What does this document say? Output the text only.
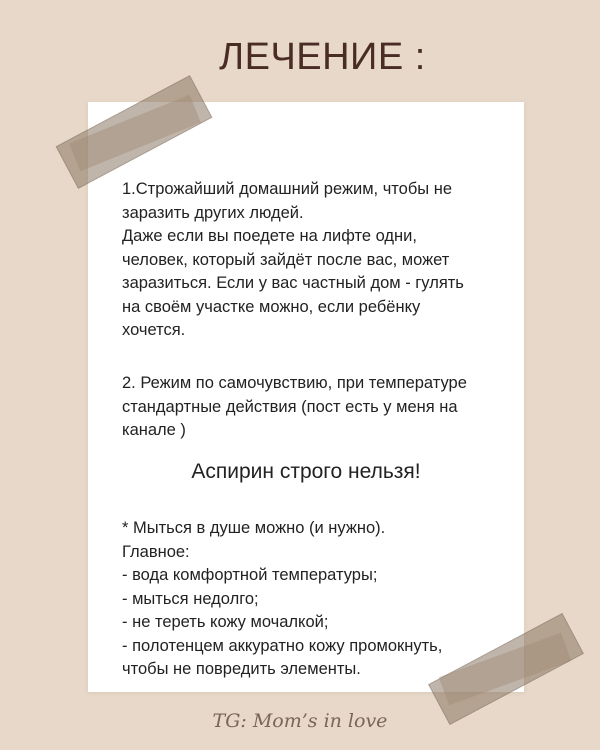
ЛЕЧЕНИЕ :
1.Строжайший домашний режим, чтобы не
заразить других людей.
Даже если вы поедете на лифте одни,
человек, который зайдёт после вас, может
заразиться. Если у вас частный дом - гулять
на своём участке можно, если ребёнку
хочется.
2. Режим по самочувствию, при температуре
стандартные действия (пост есть у меня на
канале )
Аспирин строго нельзя!
* Мыться в душе можно (и нужно).
Главное:
- вода комфортной температуры;
- мыться недолго;
- не тереть кожу мочалкой;
- полотенцем аккуратно кожу промокнуть,
чтобы не повредить элементы.
TG: Mom’s in love
